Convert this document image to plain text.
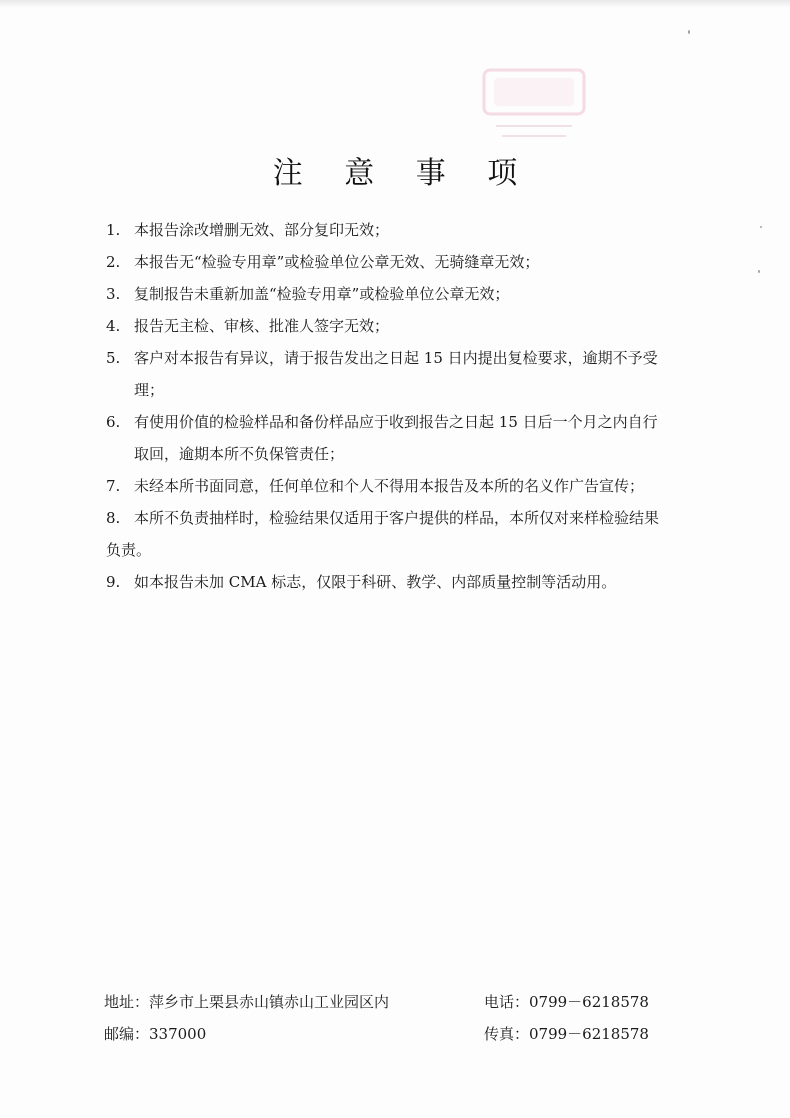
注 意 事 项
1. 本报告涂改增删无效、部分复印无效；
2. 本报告无“检验专用章”或检验单位公章无效、无骑缝章无效；
3. 复制报告未重新加盖“检验专用章”或检验单位公章无效；
4. 报告无主检、审核、批准人签字无效；
5. 客户对本报告有异议，请于报告发出之日起 15 日内提出复检要求，逾期不予受
理；
6. 有使用价值的检验样品和备份样品应于收到报告之日起 15 日后一个月之内自行
取回，逾期本所不负保管责任；
7. 未经本所书面同意，任何单位和个人不得用本报告及本所的名义作广告宣传；
8. 本所不负责抽样时，检验结果仅适用于客户提供的样品，本所仅对来样检验结果
负责。
9. 如本报告未加 CMA 标志，仅限于科研、教学、内部质量控制等活动用。
地址：萍乡市上栗县赤山镇赤山工业园区内	电话：0799－6218578
邮编：337000	传真：0799－6218578
